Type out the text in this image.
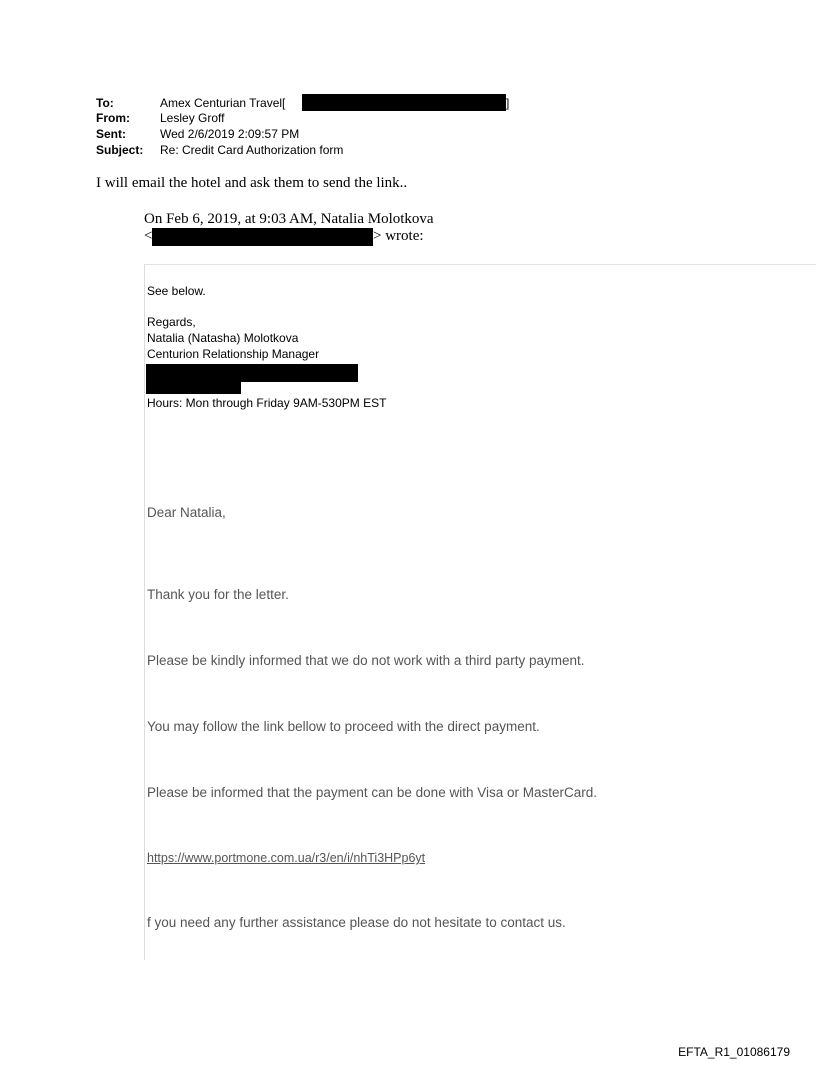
To:	Amex Centurian Travel[	]
From:	Lesley Groff
Sent:	Wed 2/6/2019 2:09:57 PM
Subject: Re: Credit Card Authorization form
I will email the hotel and ask them to send the link..
On Feb 6, 2019, at 9:03 AM, Natalia Molotkova
<	> wrote:
See below.
Regards,
Natalia (Natasha) Molotkova
Centurion Relationship Manager
Hours: Mon through Friday 9AM-530PM EST
Dear Natalia,
Thank you for the letter.
Please be kindly informed that we do not work with a third party payment.
You may follow the link bellow to proceed with the direct payment.
Please be informed that the payment can be done with Visa or MasterCard.
https://www.portmone.com.ua/r3/en/i/nhTi3HPp6yt
f you need any further assistance please do not hesitate to contact us.
EFTA_R1_01086179
